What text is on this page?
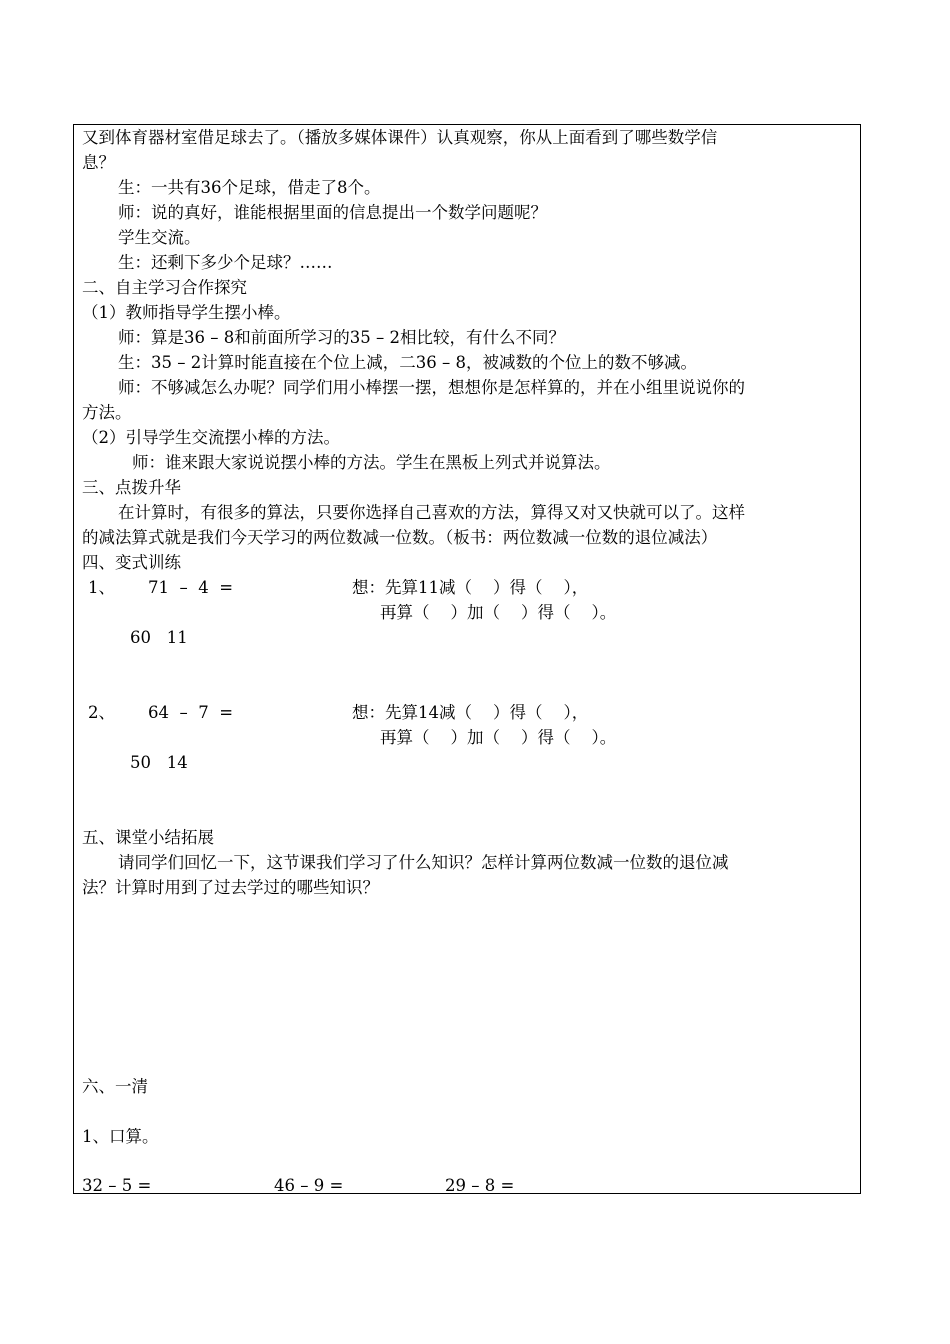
又到体育器材室借足球去了。（播放多媒体课件）认真观察，你从上面看到了哪些数学信
息？
生：一共有36个足球，借走了8个。
师：说的真好，谁能根据里面的信息提出一个数学问题呢？
学生交流。
生：还剩下多少个足球？……
二、自主学习合作探究
（1）教师指导学生摆小棒。
师：算是36 – 8和前面所学习的35 – 2相比较，有什么不同？
生：35 – 2计算时能直接在个位上减，二36 – 8，被减数的个位上的数不够减。
师：不够减怎么办呢？同学们用小棒摆一摆，想想你是怎样算的，并在小组里说说你的
方法。
（2）引导学生交流摆小棒的方法。
师：谁来跟大家说说摆小棒的方法。学生在黑板上列式并说算法。
三、点拨升华
在计算时，有很多的算法，只要你选择自己喜欢的方法，算得又对又快就可以了。这样
的减法算式就是我们今天学习的两位数减一位数。（板书：两位数减一位数的退位减法）
四、变式训练
1、 71  –  4  =	想：先算11减（    ）得（    ），
再算（    ）加（    ）得（    ）。
60   11
2、 64  –  7  =	想：先算14减（    ）得（    ），
再算（    ）加（    ）得（    ）。
50   14
五、课堂小结拓展
请同学们回忆一下，这节课我们学习了什么知识？怎样计算两位数减一位数的退位减
法？计算时用到了过去学过的哪些知识？
六、一清
1、口算。
32 – 5 =	46 – 9 =	29 – 8 =
